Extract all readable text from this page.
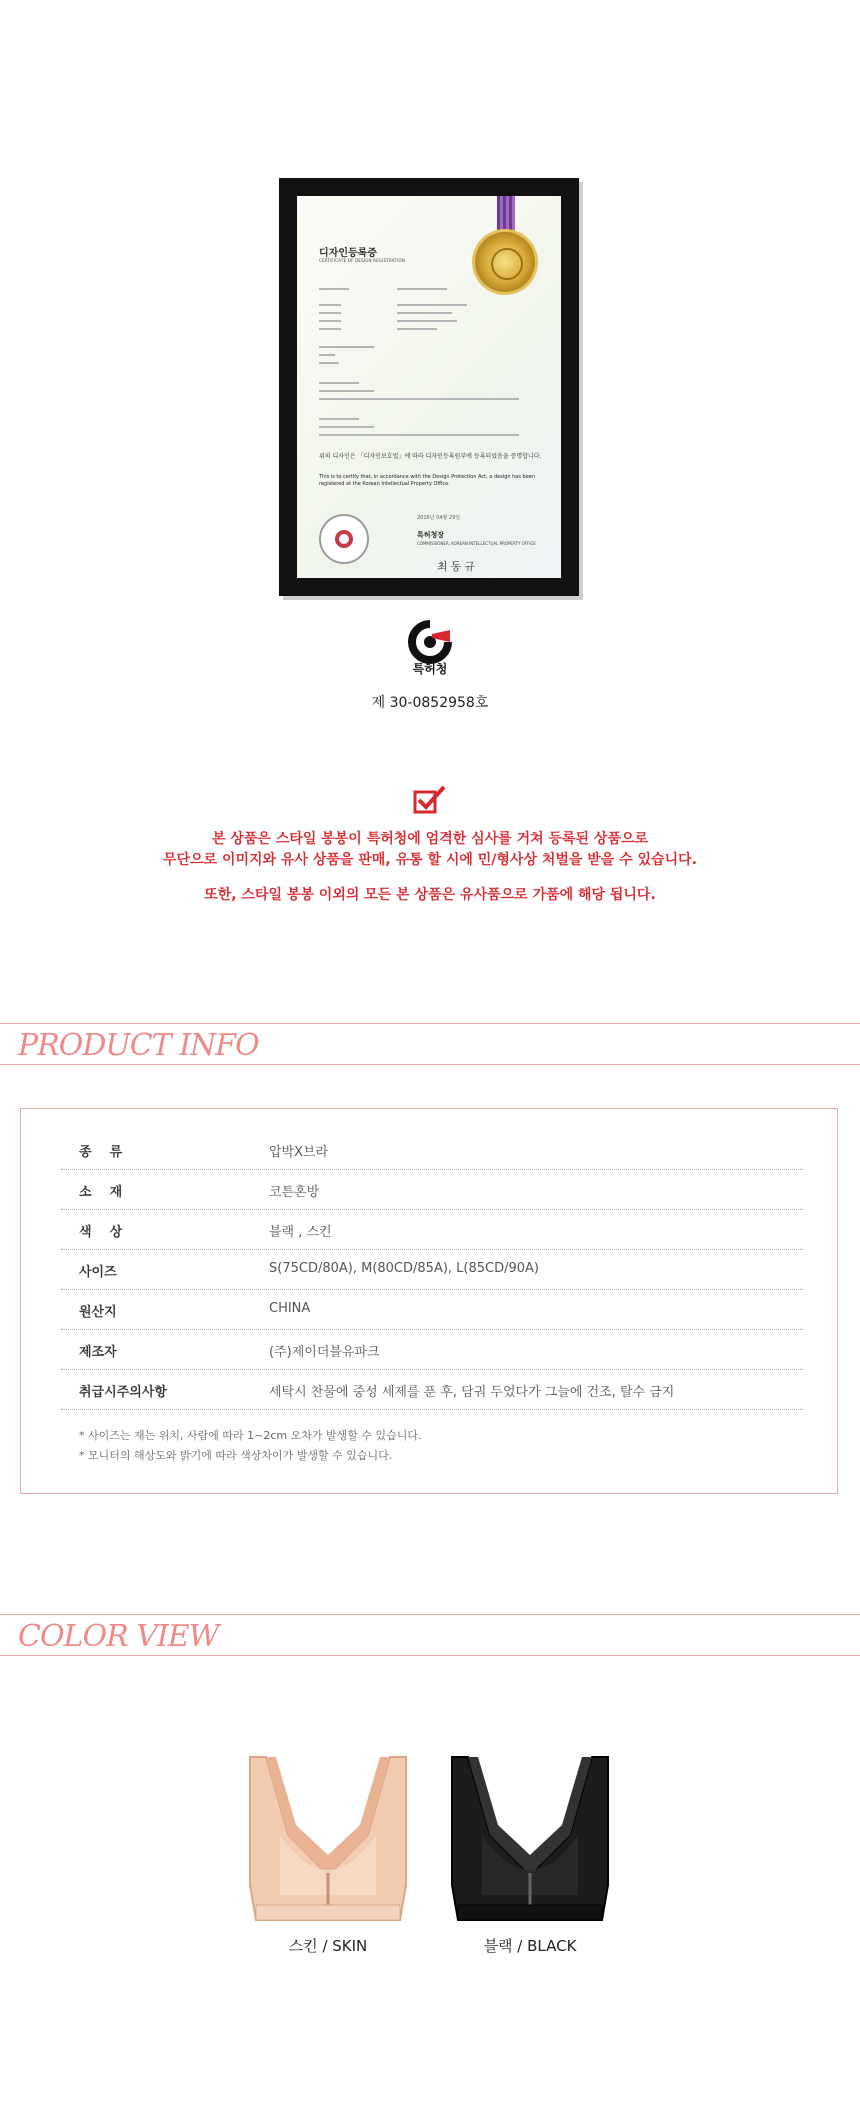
디자인등록증
CERTIFICATE OF DESIGN REGISTRATION
위의 디자인은 「디자인보호법」에 따라 디자인등록원부에 등록되었음을 증명합니다.
This is to certify that, in accordance with the Design Protection Act, a design has been registered at the Korean Intellectual Property Office.
2016년 04월 29일
특허청장
COMMISSIONER, KOREAN INTELLECTUAL PROPERTY OFFICE
최동규
특허청
제 30-0852958호
본 상품은 스타일 봉봉이 특허청에 엄격한 심사를 거쳐 등록된 상품으로
무단으로 이미지와 유사 상품을 판매, 유통 할 시에 민/형사상 처벌을 받을 수 있습니다.
또한, 스타일 봉봉 이외의 모든 본 상품은 유사품으로 가품에 해당 됩니다.
PRODUCT INFO
종    류	압박X브라
소    재	코튼혼방
색    상	블랙 , 스킨
사이즈	S(75CD/80A), M(80CD/85A), L(85CD/90A)
원산지	CHINA
제조자	(주)제이더블유파크
취급시주의사항	세탁시 찬물에 중성 세제를 푼 후, 담궈 두었다가 그늘에 건조, 탈수 금지
* 사이즈는 재는 위치, 사람에 따라 1~2cm 오차가 발생할 수 있습니다.
* 모니터의 해상도와 밝기에 따라 색상차이가 발생할 수 있습니다.
COLOR VIEW
스킨 / SKIN	블랙 / BLACK
